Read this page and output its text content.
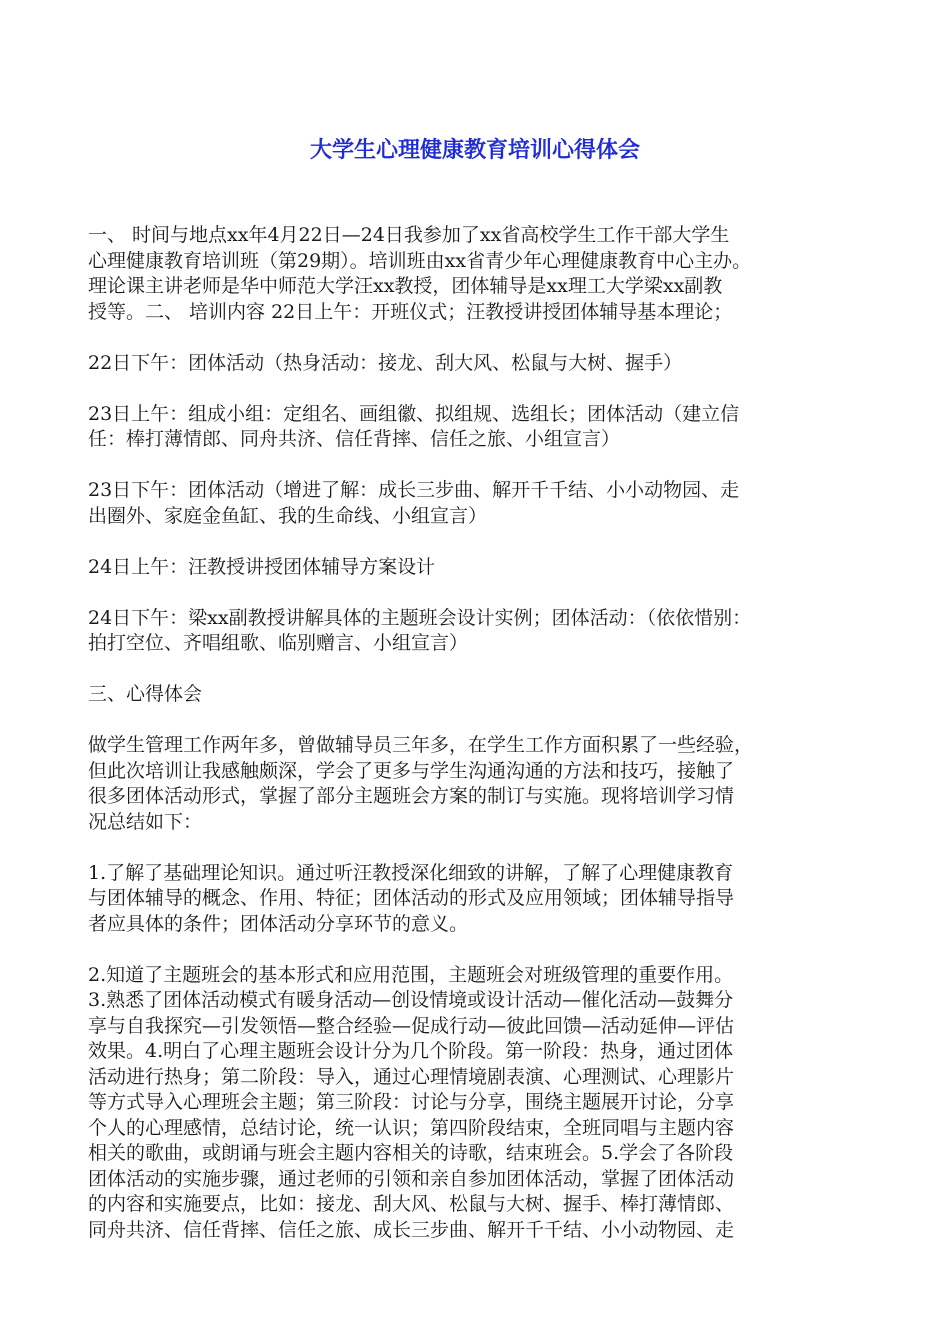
大学生心理健康教育培训心得体会
一、 时间与地点xx年4月22日—24日我参加了xx省高校学生工作干部大学生
心理健康教育培训班（第29期）。培训班由xx省青少年心理健康教育中心主办。
理论课主讲老师是华中师范大学汪xx教授，团体辅导是xx理工大学梁xx副教
授等。二、 培训内容 22日上午：开班仪式；汪教授讲授团体辅导基本理论；
22日下午：团体活动（热身活动：接龙、刮大风、松鼠与大树、握手）
23日上午：组成小组：定组名、画组徽、拟组规、选组长；团体活动（建立信
任：棒打薄情郎、同舟共济、信任背摔、信任之旅、小组宣言）
23日下午：团体活动（增进了解：成长三步曲、解开千千结、小小动物园、走
出圈外、家庭金鱼缸、我的生命线、小组宣言）
24日上午：汪教授讲授团体辅导方案设计
24日下午：梁xx副教授讲解具体的主题班会设计实例；团体活动：（依依惜别：
拍打空位、齐唱组歌、临别赠言、小组宣言）
三、心得体会
做学生管理工作两年多，曾做辅导员三年多，在学生工作方面积累了一些经验，
但此次培训让我感触颇深，学会了更多与学生沟通沟通的方法和技巧，接触了
很多团体活动形式，掌握了部分主题班会方案的制订与实施。现将培训学习情
况总结如下：
1.了解了基础理论知识。通过听汪教授深化细致的讲解，了解了心理健康教育
与团体辅导的概念、作用、特征；团体活动的形式及应用领域；团体辅导指导
者应具体的条件；团体活动分享环节的意义。
2.知道了主题班会的基本形式和应用范围，主题班会对班级管理的重要作用。
3.熟悉了团体活动模式有暖身活动—创设情境或设计活动—催化活动—鼓舞分
享与自我探究—引发领悟—整合经验—促成行动—彼此回馈—活动延伸—评估
效果。4.明白了心理主题班会设计分为几个阶段。第一阶段：热身，通过团体
活动进行热身；第二阶段：导入，通过心理情境剧表演、心理测试、心理影片
等方式导入心理班会主题；第三阶段：讨论与分享，围绕主题展开讨论，分享
个人的心理感情，总结讨论，统一认识；第四阶段结束，全班同唱与主题内容
相关的歌曲，或朗诵与班会主题内容相关的诗歌，结束班会。5.学会了各阶段
团体活动的实施步骤，通过老师的引领和亲自参加团体活动，掌握了团体活动
的内容和实施要点，比如：接龙、刮大风、松鼠与大树、握手、棒打薄情郎、
同舟共济、信任背摔、信任之旅、成长三步曲、解开千千结、小小动物园、走
